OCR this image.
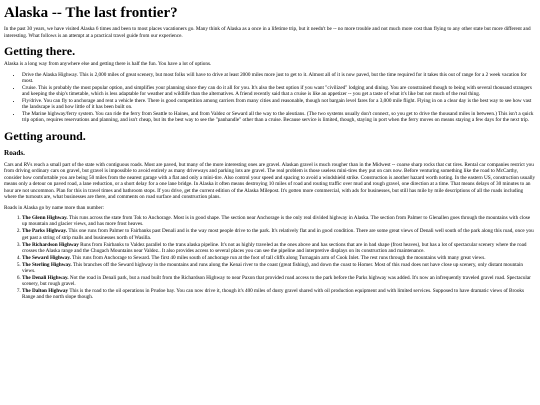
Alaska -- The last frontier?

In the past 30 years, we have visited Alaska 6 times and been to most places vacationers go. Many think of Alaska as a once in a lifetime trip, but it needn't be -- no more trouble and not much more cost than flying to any other state but more different and interesting. What follows is an attempt at a practical travel guide from our experience.

Getting there.

Alaska is a long way from anywhere else and getting there is half the fun. You have a lot of options.

• Drive the Alaska Highway. This is 2,000 miles of great scenery, but most folks will have to drive at least 2000 miles more just to get to it. Almost all of it is now paved, but the time required for it takes this out of range for a 2 week vacation for most.
• Cruise. This is probably the most popular option, and simplifies your planning since they can do it all for you. It's also the best option if you want "civilized" lodging and dining. You are constrained though to being with several thousand strangers and keeping the ship's timetable, which is less adaptable for weather and wildlife than the alternatives. A friend recently said that a cruise is like an appetizer -- you get a taste of what it's like but not much of the real thing.
• Fly/drive. You can fly to anchorage and rent a vehicle there. There is good competition among carriers from many cities and reasonable, though not bargain level fares for a 3,000 mile flight. Flying in on a clear day is the best way to see how vast the landscape is and how little of it has been built on.
• The Marine highway/ferry system. You can ride the ferry from Seattle to Haines, and from Valdez or Seward all the way to the aleutians. (The two systems usually don't connect, so you get to drive the thousand miles in between.) This isn't a quick trip option, requires reservations and planning, and isn't cheap, but its the best way to see the "panhandle" other than a cruise. Because service is limited, though, staying in port when the ferry moves on means staying a few days for the next trip.
Getting around.
Roads.

Cars and RVs reach a small part of the state with contiguous roads. Most are paved, but many of the more interesting ones are gravel. Alaskan gravel is much rougher than in the Midwest -- coarse sharp rocks that cut tires. Rental car companies restrict you from driving ordinary cars on gravel, but gravel is impossible to avoid entirely as many driveways and parking lots are gravel. The real problem is those useless mini-tires they put on cars now. Before venturing something like the road to McCarthy, consider how comfortable you are being 50 miles from the nearest garage with a flat and only a mini-tire. Also control your speed and spacing to avoid a windshield strike. Construction is another hazard worth noting. In the eastern US, construction usually means only a detour on paved road, a lane reduction, or a short delay for a one lane bridge. In Alaska it often means destroying 10 miles of road and routing traffic over mud and rough gravel, one direction at a time. That means delays of 30 minutes to an hour are not uncommon. Plan for this in travel times and bathroom stops. If you drive, get the current edition of the Alaska Milepost. It's gotten more commercial, with ads for businesses, but still has mile by mile descriptions of all the roads including where the turnouts are, what businesses are there, and comments on road surface and construction plans.

Roads in Alaska go by name more than number:

1. The Glenn Highway. This runs across the state from Tok to Anchorage. Most is in good shape. The section near Anchorage is the only real divided highway in Alaska. The section from Palmer to Glenallen goes through the mountains with close up mountain and glacier views, and has more frost heaves.
2. The Parks Highway. This one runs from Palmer to Fairbanks past Denali and is the way most people drive to the park. It's relatively flat and in good condition. There are some great views of Denali well south of the park along this road, once you get past a string of strip malls and businesses north of Wasilla.
3. The Richardson Highway Runs from Fairbanks to Valdez parallel to the trans alaska pipeline. It's not as highly traveled as the ones above and has sections that are in bad shape (frost heaves), but has a lot of spectacular scenery where the road crosses the Alaska range and the Chugach Mountains near Valdez.. It also provides access to several places you can see the pipeline and interpretive displays on its construction and maintenance.
4. The Seward Highway. This runs from Anchorage to Seward. The first 40 miles south of anchorage run at the foot of tall cliffs along Turnagain arm of Cook Inlet. The rest runs through the mountains with many great views.
5. The Sterling Highway. This branches off the Seward highway in the mountains and runs along the Kenai river to the coast (great fishing), and down the coast to Homer. Most of this road does not have close up scenery, only distant mountain views.
6. The Denali Highway. Not the road in Denali park, but a road built from the Richardson Highway to near Paxon that provided road access to the park before the Parks highway was added. It's now an infrequently traveled gravel road. Spectacular scenery, but rough gravel.
7. The Dalton Highway This is the road to the oil operations in Prudoe bay. You can now drive it, though it's 400 miles of dusty gravel shared with oil production equipment and with limited services. Supposed to have dramatic views of Brooks Range and the north slope though.
